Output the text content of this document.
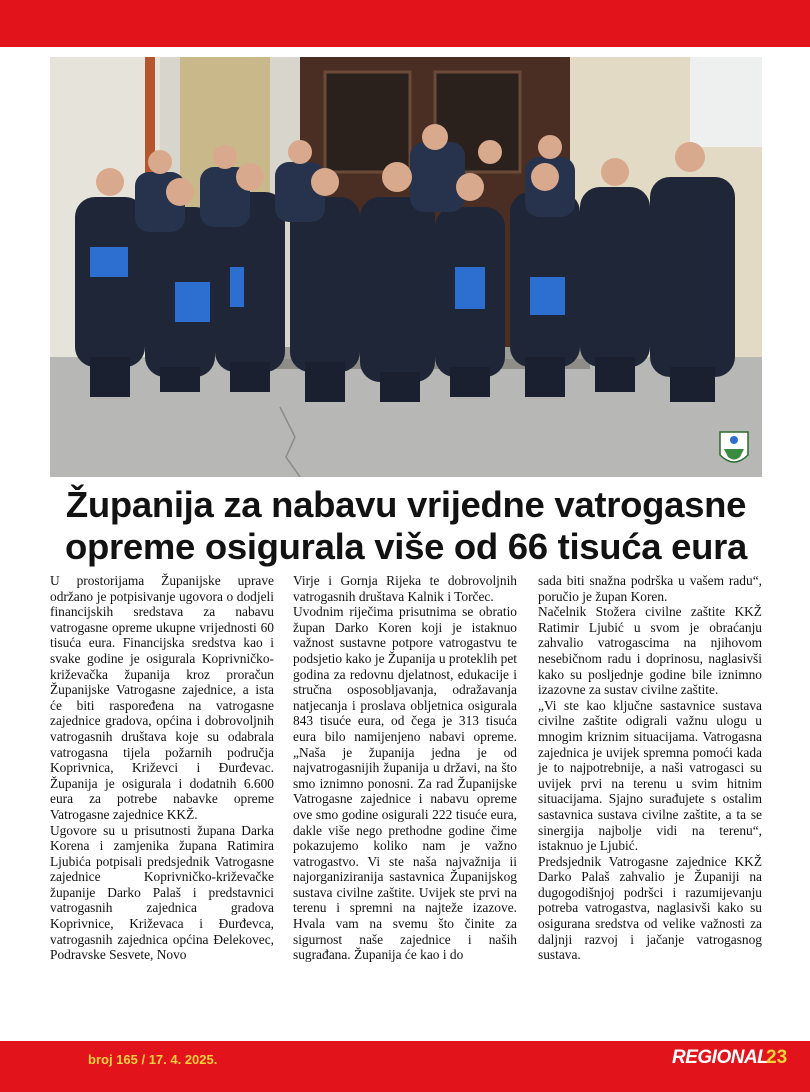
Županija za nabavu vrijedne vatrogasne
opreme osigurala više od 66 tisuća eura

U prostorijama Županijske uprave održano je potpisivanje ugovora o dodjeli financijskih sredstava za nabavu vatrogasne opreme ukupne vrijednosti 60 tisuća eura. Financijska sredstva kao i svake godine je osigurala Koprivničko-križevačka županija kroz proračun Županijske Vatrogasne zajednice, a ista će biti raspoređena na vatrogasne zajednice gradova, općina i dobrovoljnih vatrogasnih društava koje su odabrala vatrogasna tijela požarnih područja Koprivnica, Križevci i Đurđevac. Županija je osigurala i dodatnih 6.600 eura za potrebe nabavke opreme Vatrogasne zajednice KKŽ.

Ugovore su u prisutnosti župana Darka Korena i zamjenika župana Ratimira Ljubića potpisali predsjednik Vatrogasne zajednice Koprivničko-križevačke županije Darko Palaš i predstavnici vatrogasnih zajednica gradova Koprivnice, Križevaca i Đurđevca, vatrogasnih zajednica općina Đelekovec, Podravske Sesvete, Novo

Virje i Gornja Rijeka te dobrovoljnih vatrogasnih društava Kalnik i Torčec.

Uvodnim riječima prisutnima se obratio župan Darko Koren koji je istaknuo važnost sustavne potpore vatrogastvu te podsjetio kako je Županija u proteklih pet godina za redovnu djelatnost, edukacije i stručna osposobljavanja, odražavanja natjecanja i proslava obljetnica osigurala 843 tisuće eura, od čega je 313 tisuća eura bilo namijenjeno nabavi opreme. „Naša je županija jedna je od najvatrogasnijih županija u državi, na što smo iznimno ponosni. Za rad Županijske Vatrogasne zajednice i nabavu opreme ove smo godine osigurali 222 tisuće eura, dakle više nego prethodne godine čime pokazujemo koliko nam je važno vatrogastvo. Vi ste naša najvažnija ii najorganiziranija sastavnica Županijskog sustava civilne zaštite. Uvijek ste prvi na terenu i spremni na najteže izazove. Hvala vam na svemu što činite za sigurnost naše zajednice i naših sugrađana. Županija će kao i do

sada biti snažna podrška u vašem radu“, poručio je župan Koren.

Načelnik Stožera civilne zaštite KKŽ Ratimir Ljubić u svom je obraćanju zahvalio vatrogascima na njihovom nesebičnom radu i doprinosu, naglasivši kako su posljednje godine bile iznimno izazovne za sustav civilne zaštite.

„Vi ste kao ključne sastavnice sustava civilne zaštite odigrali važnu ulogu u mnogim kriznim situacijama. Vatrogasna zajednica je uvijek spremna pomoći kada je to najpotrebnije, a naši vatrogasci su uvijek prvi na terenu u svim hitnim situacijama. Sjajno surađujete s ostalim sastavnica sustava civilne zaštite, a ta se sinergija najbolje vidi na terenu“, istaknuo je Ljubić.

Predsjednik Vatrogasne zajednice KKŽ Darko Palaš zahvalio je Županiji na dugogodišnjoj podršci i razumijevanju potreba vatrogastva, naglasivši kako su osigurana sredstva od velike važnosti za daljnji razvoj i jačanje vatrogasnog sustava.

broj 165 / 17. 4. 2025.	REGIONAL
23
